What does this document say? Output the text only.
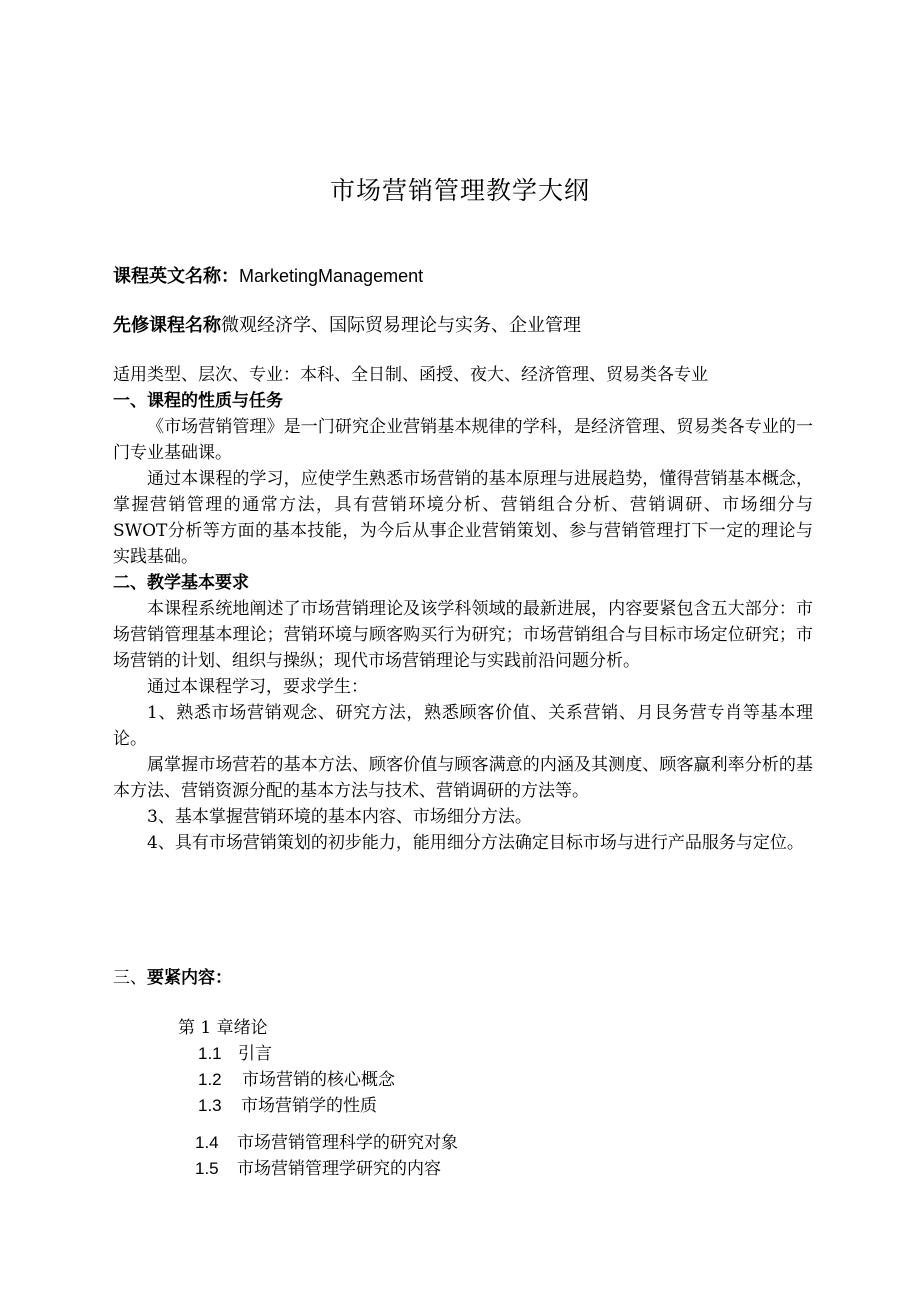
市场营销管理教学大纲
课程英文名称：MarketingManagement
先修课程名称微观经济学、国际贸易理论与实务、企业管理
适用类型、层次、专业：本科、全日制、函授、夜大、经济管理、贸易类各专业
一、课程的性质与任务

《市场营销管理》是一门研究企业营销基本规律的学科，是经济管理、贸易类各专业的一门专业基础课。

通过本课程的学习，应使学生熟悉市场营销的基本原理与进展趋势，懂得营销基本概念，掌握营销管理的通常方法，具有营销环境分析、营销组合分析、营销调研、市场细分与SWOT分析等方面的基本技能，为今后从事企业营销策划、参与营销管理打下一定的理论与实践基础。

二、教学基本要求

本课程系统地阐述了市场营销理论及该学科领域的最新进展，内容要紧包含五大部分：市场营销管理基本理论；营销环境与顾客购买行为研究；市场营销组合与目标市场定位研究；市场营销的计划、组织与操纵；现代市场营销理论与实践前沿问题分析。

通过本课程学习，要求学生：

1、熟悉市场营销观念、研究方法，熟悉顾客价值、关系营销、月艮务营专肖等基本理论。

属掌握市场营若的基本方法、顾客价值与顾客满意的内涵及其测度、顾客赢利率分析的基本方法、营销资源分配的基本方法与技术、营销调研的方法等。

3、基本掌握营销环境的基本内容、市场细分方法。

4、具有市场营销策划的初步能力，能用细分方法确定目标市场与进行产品服务与定位。

三、要紧内容：
第 1 章绪论
1.1 引言
1.2 市场营销的核心概念
1.3 市场营销学的性质
1.4 市场营销管理科学的研究对象
1.5 市场营销管理学研究的内容
